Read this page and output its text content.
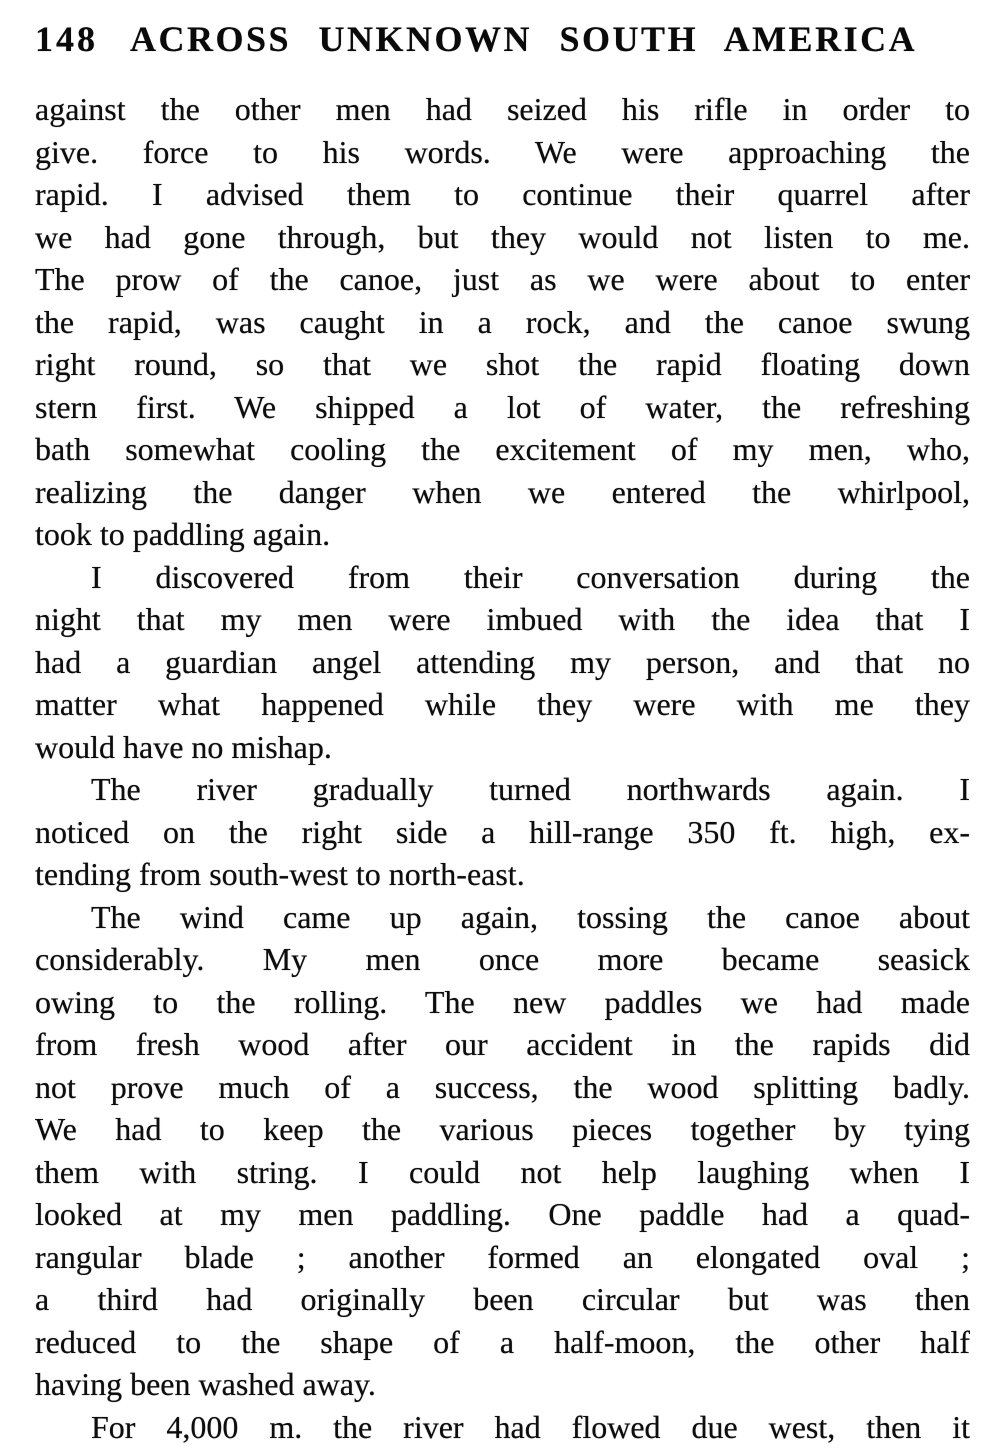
148 ACROSS UNKNOWN SOUTH AMERICA
against the other men had seized his rifle in order to
give. force to his words. We were approaching the
rapid. I advised them to continue their quarrel after
we had gone through, but they would not listen to me.
The prow of the canoe, just as we were about to enter
the rapid, was caught in a rock, and the canoe swung
right round, so that we shot the rapid floating down
stern first. We shipped a lot of water, the refreshing
bath somewhat cooling the excitement of my men, who,
realizing the danger when we entered the whirlpool,
took to paddling again.
I discovered from their conversation during the
night that my men were imbued with the idea that I
had a guardian angel attending my person, and that no
matter what happened while they were with me they
would have no mishap.
The river gradually turned northwards again. I
noticed on the right side a hill-range 350 ft. high, ex-
tending from south-west to north-east.
The wind came up again, tossing the canoe about
considerably. My men once more became seasick
owing to the rolling. The new paddles we had made
from fresh wood after our accident in the rapids did
not prove much of a success, the wood splitting badly.
We had to keep the various pieces together by tying
them with string. I could not help laughing when I
looked at my men paddling. One paddle had a quad-
rangular blade ; another formed an elongated oval ;
a third had originally been circular but was then
reduced to the shape of a half-moon, the other half
having been washed away.
For 4,000 m. the river had flowed due west, then it
